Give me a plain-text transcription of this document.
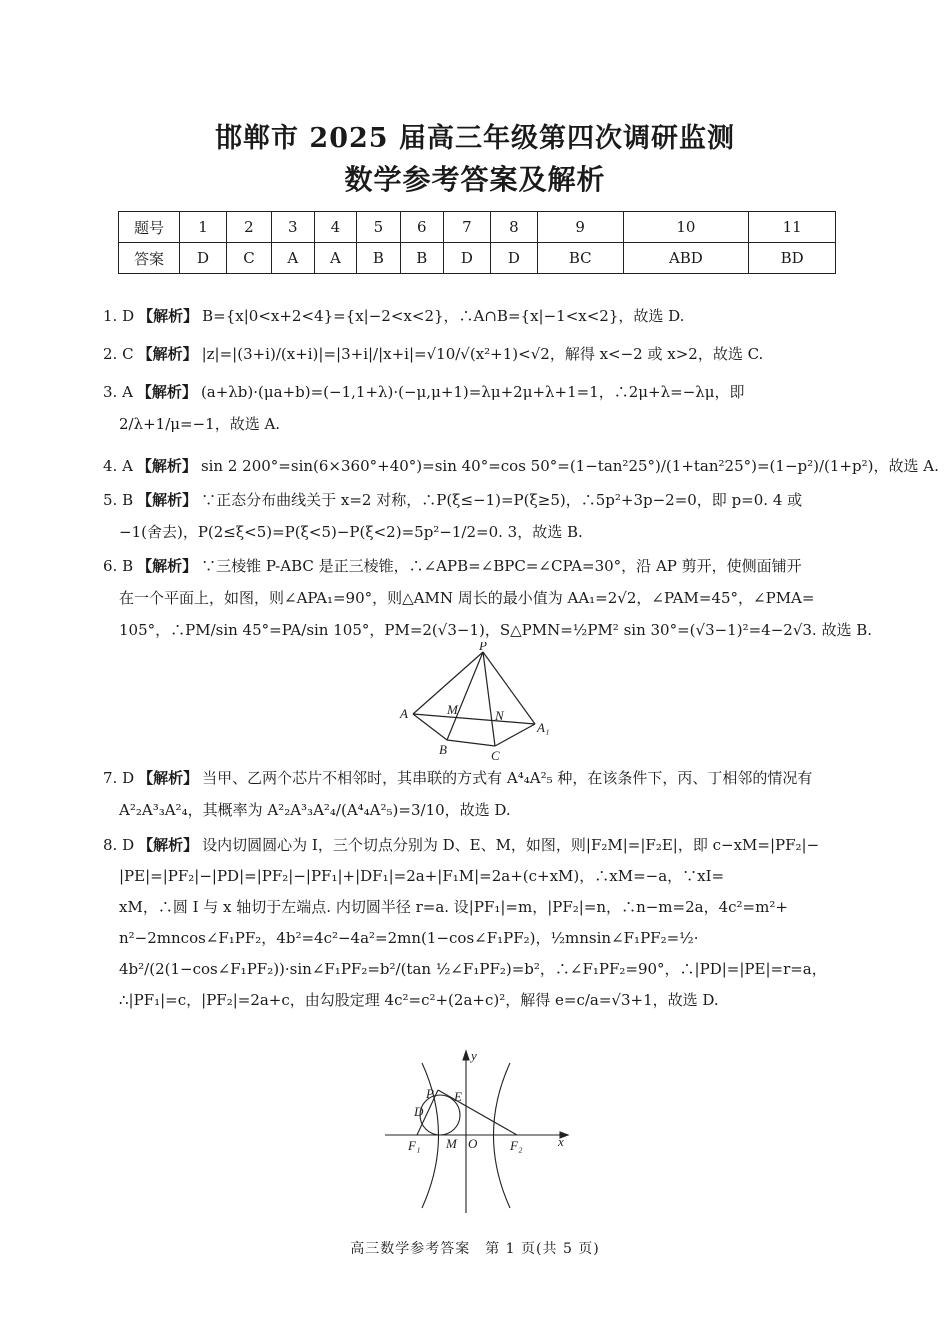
邯郸市 2025 届高三年级第四次调研监测
数学参考答案及解析
题号	1	2	3	4	5	6	7	8	9	10	11
答案	D	C	A	A	B	B	D	D	BC	ABD	BD
1. D 【解析】 B={x|0<x+2<4}={x|−2<x<2}，∴A∩B={x|−1<x<2}，故选 D.
2. C 【解析】 |z|=|(3+i)/(x+i)|=|3+i|/|x+i|=√10/√(x²+1)<√2，解得 x<−2 或 x>2，故选 C.
3. A 【解析】 (a+λb)·(μa+b)=(−1,1+λ)·(−μ,μ+1)=λμ+2μ+λ+1=1，∴2μ+λ=−λμ，即
2/λ+1/μ=−1，故选 A.
4. A 【解析】 sin 2 200°=sin(6×360°+40°)=sin 40°=cos 50°=(1−tan²25°)/(1+tan²25°)=(1−p²)/(1+p²)，故选 A.
5. B 【解析】 ∵正态分布曲线关于 x=2 对称，∴P(ξ≤−1)=P(ξ≥5)，∴5p²+3p−2=0，即 p=0. 4 或
−1(舍去)，P(2≤ξ<5)=P(ξ<5)−P(ξ<2)=5p²−1/2=0. 3，故选 B.
6. B 【解析】 ∵三棱锥 P-ABC 是正三棱锥，∴∠APB=∠BPC=∠CPA=30°，沿 AP 剪开，使侧面铺开
在一个平面上，如图，则∠APA₁=90°，则△AMN 周长的最小值为 AA₁=2√2，∠PAM=45°，∠PMA=
105°，∴PM/sin 45°=PA/sin 105°，PM=2(√3−1)，S△PMN=½PM² sin 30°=(√3−1)²=4−2√3. 故选 B.
P
A	M	N
A₁
B	C
7. D 【解析】 当甲、乙两个芯片不相邻时，其串联的方式有 A⁴₄A²₅ 种，在该条件下，丙、丁相邻的情况有
A²₂A³₃A²₄，其概率为 A²₂A³₃A²₄/(A⁴₄A²₅)=3/10，故选 D.
8. D 【解析】 设内切圆圆心为 I，三个切点分别为 D、E、M，如图，则|F₂M|=|F₂E|，即 c−xM=|PF₂|−
|PE|=|PF₂|−|PD|=|PF₂|−|PF₁|+|DF₁|=2a+|F₁M|=2a+(c+xM)，∴xM=−a，∵xI=
xM，∴圆 I 与 x 轴切于左端点. 内切圆半径 r=a. 设|PF₁|=m，|PF₂|=n，∴n−m=2a，4c²=m²+
n²−2mncos∠F₁PF₂，4b²=4c²−4a²=2mn(1−cos∠F₁PF₂)，½mnsin∠F₁PF₂=½·
4b²/(2(1−cos∠F₁PF₂))·sin∠F₁PF₂=b²/(tan ½∠F₁PF₂)=b²，∴∠F₁PF₂=90°，∴|PD|=|PE|=r=a，
∴|PF₁|=c，|PF₂|=2a+c，由勾股定理 4c²=c²+(2a+c)²，解得 e=c/a=√3+1，故选 D.
y
x
P E
D
F₁ M O	F₂
高三数学参考答案　第 1 页(共 5 页)
